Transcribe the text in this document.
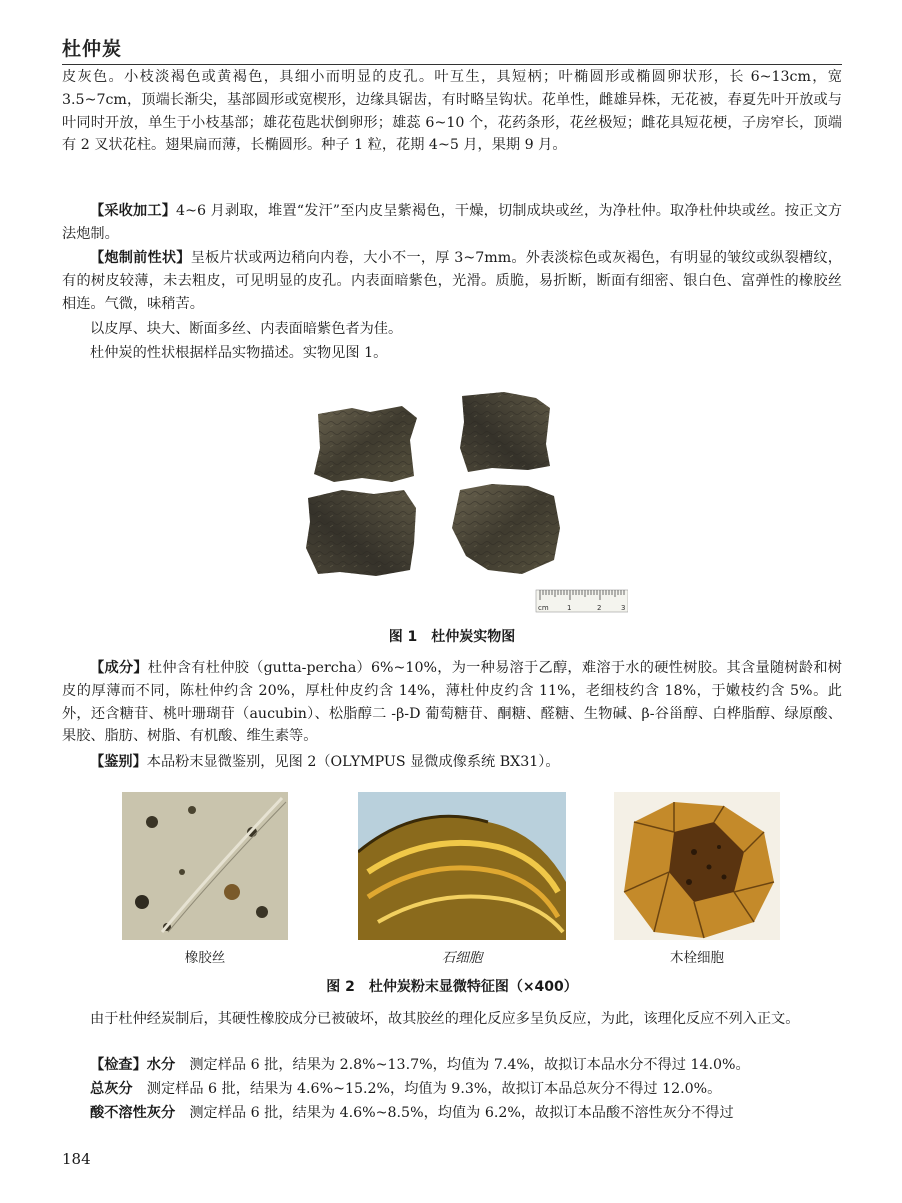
杜仲炭

皮灰色。小枝淡褐色或黄褐色，具细小而明显的皮孔。叶互生，具短柄；叶椭圆形或椭圆卵状形，长 6~13cm，宽 3.5~7cm，顶端长渐尖，基部圆形或宽楔形，边缘具锯齿，有时略呈钩状。花单性，雌雄异株，无花被，春夏先叶开放或与叶同时开放，单生于小枝基部；雄花苞匙状倒卵形；雄蕊 6~10 个，花药条形，花丝极短；雌花具短花梗，子房窄长，顶端有 2 叉状花柱。翅果扁而薄，长椭圆形。种子 1 粒，花期 4~5 月，果期 9 月。

【采收加工】4~6 月剥取，堆置“发汗”至内皮呈紫褐色，干燥，切制成块或丝，为净杜仲。取净杜仲块或丝。按正文方法炮制。

【炮制前性状】呈板片状或两边稍向内卷，大小不一，厚 3~7mm。外表淡棕色或灰褐色，有明显的皱纹或纵裂槽纹，有的树皮较薄，未去粗皮，可见明显的皮孔。内表面暗紫色，光滑。质脆，易折断，断面有细密、银白色、富弹性的橡胶丝相连。气微，味稍苦。

以皮厚、块大、断面多丝、内表面暗紫色者为佳。

杜仲炭的性状根据样品实物描述。实物见图 1。

cm	1	2	3
图 1　杜仲炭实物图

【成分】杜仲含有杜仲胶（gutta-percha）6%~10%，为一种易溶于乙醇，难溶于水的硬性树胶。其含量随树龄和树皮的厚薄而不同，陈杜仲约含 20%，厚杜仲皮约含 14%，薄杜仲皮约含 11%，老细枝约含 18%，于嫩枝约含 5%。此外，还含糖苷、桃叶珊瑚苷（aucubin）、松脂醇二 -β-D 葡萄糖苷、酮糖、醛糖、生物碱、β-谷甾醇、白桦脂醇、绿原酸、果胶、脂肪、树脂、有机酸、维生素等。

【鉴别】本品粉末显微鉴别，见图 2（OLYMPUS 显微成像系统 BX31）。

橡胶丝	石细胞	木栓细胞
图 2　杜仲炭粉末显微特征图（×400）

由于杜仲经炭制后，其硬性橡胶成分已被破坏，故其胶丝的理化反应多呈负反应，为此，该理化反应不列入正文。

【检查】水分　 测定样品 6 批，结果为 2.8%~13.7%，均值为 7.4%，故拟订本品水分不得过 14.0%。

总灰分　 测定样品 6 批，结果为 4.6%~15.2%，均值为 9.3%，故拟订本品总灰分不得过 12.0%。

酸不溶性灰分　 测定样品 6 批，结果为 4.6%~8.5%，均值为 6.2%，故拟订本品酸不溶性灰分不得过

184
